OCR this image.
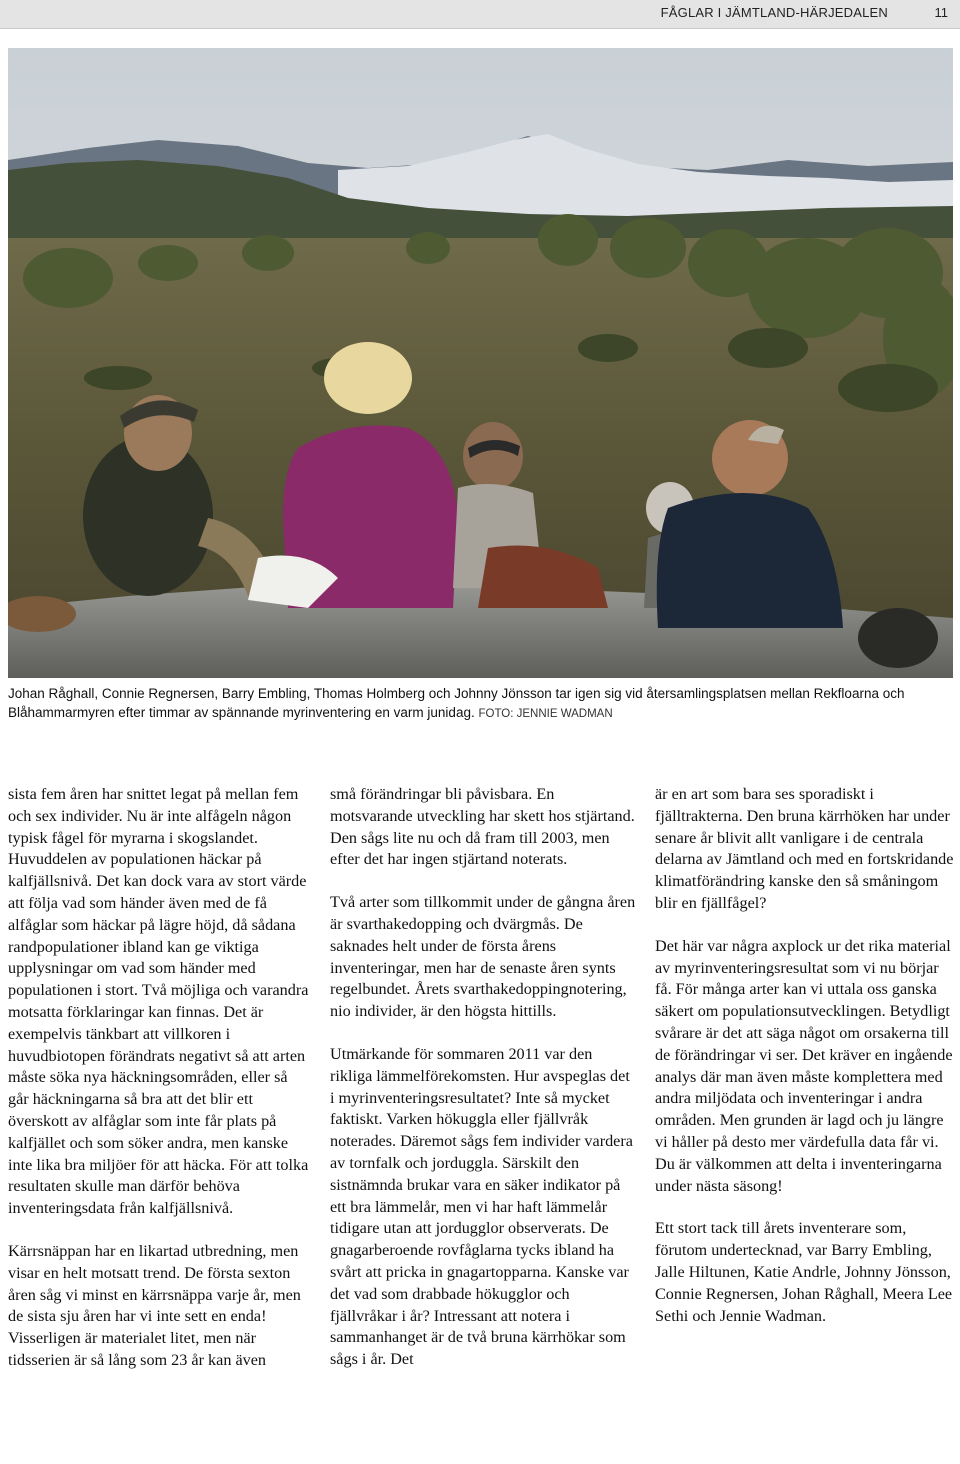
FÅGLAR I JÄMTLAND-HÄRJEDALEN	11
Johan Råghall, Connie Regnersen, Barry Embling, Thomas Holmberg och Johnny Jönsson tar igen sig vid återsamlingsplatsen mellan Rekfloarna och Blåhammarmyren efter timmar av spännande myrinventering en varm junidag. FOTO: JENNIE WADMAN

sista fem åren har snittet legat på mellan fem och sex individer. Nu är inte alfågeln någon typisk fågel för myrarna i skogslandet. Huvuddelen av populationen häckar på kalfjällsnivå. Det kan dock vara av stort värde att följa vad som händer även med de få alfåglar som häckar på lägre höjd, då sådana randpopulationer ibland kan ge viktiga upplysningar om vad som händer med populationen i stort. Två möjliga och varandra motsatta förklaringar kan finnas. Det är exempelvis tänkbart att villkoren i huvudbiotopen förändrats negativt så att arten måste söka nya häckningsområden, eller så går häckningarna så bra att det blir ett överskott av alfåglar som inte får plats på kalfjället och som söker andra, men kanske inte lika bra miljöer för att häcka. För att tolka resultaten skulle man därför behöva inventeringsdata från kalfjällsnivå.

Kärrsnäppan har en likartad utbredning, men visar en helt motsatt trend. De första sexton åren såg vi minst en kärrsnäppa varje år, men de sista sju åren har vi inte sett en enda! Visserligen är materialet litet, men när tidsserien är så lång som 23 år kan även

små förändringar bli påvisbara. En motsvarande utveckling har skett hos stjärtand. Den sågs lite nu och då fram till 2003, men efter det har ingen stjärtand noterats.

Två arter som tillkommit under de gångna åren är svarthakedopping och dvärgmås. De saknades helt under de första årens inventeringar, men har de senaste åren synts regelbundet. Årets svarthakedoppingnotering, nio individer, är den högsta hittills.

Utmärkande för sommaren 2011 var den rikliga lämmelförekomsten. Hur avspeglas det i myrinventeringsresultatet? Inte så mycket faktiskt. Varken hökuggla eller fjällvråk noterades. Däremot sågs fem individer vardera av tornfalk och jorduggla. Särskilt den sistnämnda brukar vara en säker indikator på ett bra lämmelår, men vi har haft lämmelår tidigare utan att jordugglor observerats. De gnagarberoende rovfåglarna tycks ibland ha svårt att pricka in gnagartopparna. Kanske var det vad som drabbade hökugglor och fjällvråkar i år? Intressant att notera i sammanhanget är de två bruna kärrhökar som sågs i år. Det

är en art som bara ses sporadiskt i fjälltrakterna. Den bruna kärrhöken har under senare år blivit allt vanligare i de centrala delarna av Jämtland och med en fortskridande klimatförändring kanske den så småningom blir en fjällfågel?

Det här var några axplock ur det rika material av myrinventeringsresultat som vi nu börjar få. För många arter kan vi uttala oss ganska säkert om populationsutvecklingen. Betydligt svårare är det att säga något om orsakerna till de förändringar vi ser. Det kräver en ingående analys där man även måste komplettera med andra miljödata och inventeringar i andra områden. Men grunden är lagd och ju längre vi håller på desto mer värdefulla data får vi. Du är välkommen att delta i inventeringarna under nästa säsong!

Ett stort tack till årets inventerare som, förutom undertecknad, var Barry Embling, Jalle Hiltunen, Katie Andrle, Johnny Jönsson, Connie Regnersen, Johan Råghall, Meera Lee Sethi och Jennie Wadman.
